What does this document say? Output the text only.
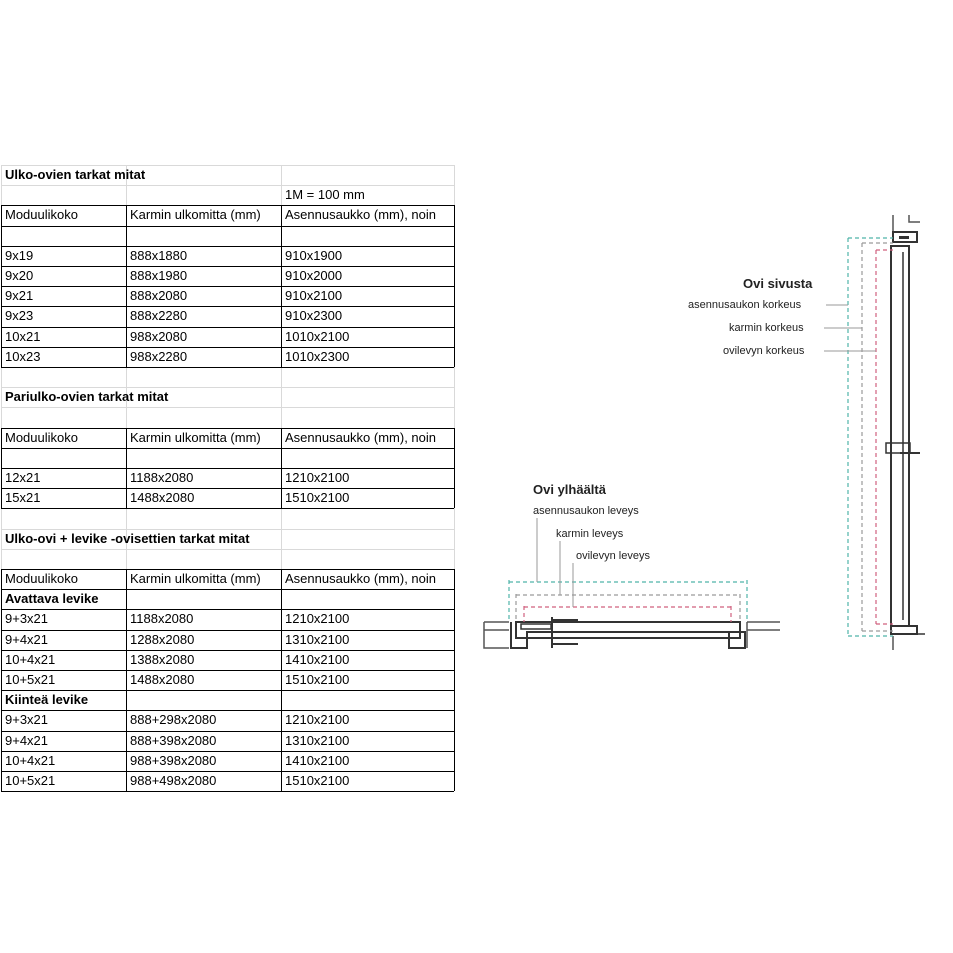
Ulko-ovien tarkat mitat
1M = 100 mm
Moduulikoko	Karmin ulkomitta (mm)	Asennusaukko (mm), noin
9x19	888x1880	910x1900
9x20	888x1980	910x2000
9x21	888x2080	910x2100
9x23	888x2280	910x2300
10x21	988x2080	1010x2100
10x23	988x2280	1010x2300
Pariulko-ovien tarkat mitat
Moduulikoko	Karmin ulkomitta (mm)	Asennusaukko (mm), noin
12x21	1188x2080	1210x2100
15x21	1488x2080	1510x2100
Ulko-ovi + levike -ovisettien tarkat mitat
Moduulikoko	Karmin ulkomitta (mm)	Asennusaukko (mm), noin
Avattava levike
9+3x21	1188x2080	1210x2100
9+4x21	1288x2080	1310x2100
10+4x21	1388x2080	1410x2100
10+5x21	1488x2080	1510x2100
Kiinteä levike
9+3x21	888+298x2080	1210x2100
9+4x21	888+398x2080	1310x2100
10+4x21	988+398x2080	1410x2100
10+5x21	988+498x2080	1510x2100
Ovi ylhäältä
asennusaukon leveys
karmin leveys
ovilevyn leveys
Ovi sivusta
asennusaukon korkeus
karmin korkeus
ovilevyn korkeus
